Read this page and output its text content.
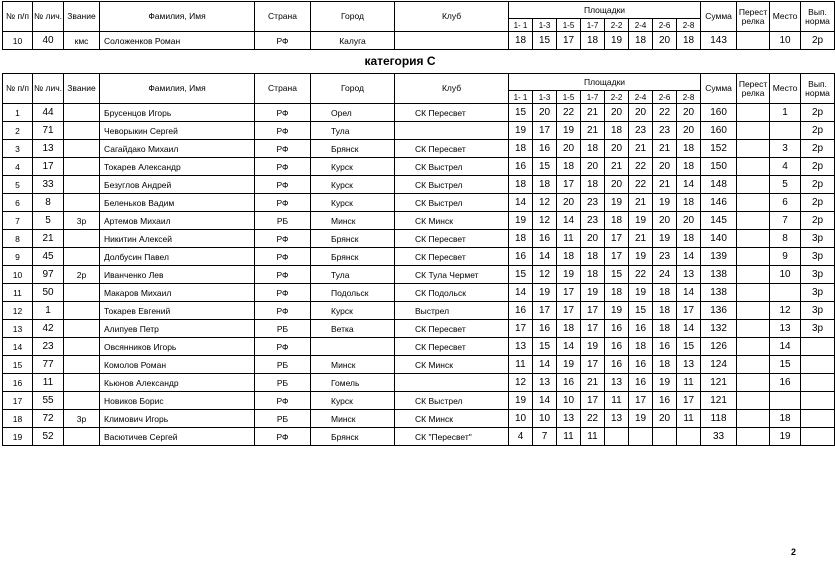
№ п/п	№ лич.	Звание	Фамилия, Имя	Страна	Город	Клуб	Площадки								Сумма	Перест релка	Место	Вып. норма
							1- 1	1-3	1-5	1-7	2-2	2-4	2-6	2-8				
10	40	кмс	Соложенков Роман	РФ	Калуга		18	15	17	18	19	18	20	18	143		10	2р
категория С
№ п/п	№ лич.	Звание	Фамилия, Имя	Страна	Город	Клуб	Площадки								Сумма	Перест релка	Место	Вып. норма
							1- 1	1-3	1-5	1-7	2-2	2-4	2-6	2-8				
1	44		Брусенцов Игорь	РФ	Орел	СК Пересвет	15	20	22	21	20	20	22	20	160		1	2р
2	71		Чеворыкин Сергей	РФ	Тула		19	17	19	21	18	23	23	20	160			2р
3	13		Сагайдако Михаил	РФ	Брянск	СК Пересвет	18	16	20	18	20	21	21	18	152		3	2р
4	17		Токарев Александр	РФ	Курск	СК Выстрел	16	15	18	20	21	22	20	18	150		4	2р
5	33		Безуглов Андрей	РФ	Курск	СК Выстрел	18	18	17	18	20	22	21	14	148		5	2р
6	8		Беленьков Вадим	РФ	Курск	СК Выстрел	14	12	20	23	19	21	19	18	146		6	2р
7	5	3р	Артемов Михаил	РБ	Минск	СК Минск	19	12	14	23	18	19	20	20	145		7	2р
8	21		Никитин Алексей	РФ	Брянск	СК Пересвет	18	16	11	20	17	21	19	18	140		8	3р
9	45		Долбусин Павел	РФ	Брянск	СК Пересвет	16	14	18	18	17	19	23	14	139		9	3р
10	97	2р	Иванченко Лев	РФ	Тула	СК Тула Чермет	15	12	19	18	15	22	24	13	138		10	3р
11	50		Макаров Михаил	РФ	Подольск	СК Подольск	14	19	17	19	18	19	18	14	138			3р
12	1		Токарев Евгений	РФ	Курск	Выстрел	16	17	17	17	19	15	18	17	136		12	3р
13	42		Алипуев Петр	РБ	Ветка	СК Пересвет	17	16	18	17	16	16	18	14	132		13	3р
14	23		Овсянников Игорь	РФ		СК Пересвет	13	15	14	19	16	18	16	15	126		14	
15	77		Комолов Роман	РБ	Минск	СК Минск	11	14	19	17	16	16	18	13	124		15	
16	11		Кьюнов Александр	РБ	Гомель		12	13	16	21	13	16	19	11	121		16	
17	55		Новиков Борис	РФ	Курск	СК Выстрел	19	14	10	17	11	17	16	17	121			
18	72	3р	Климович Игорь	РБ	Минск	СК Минск	10	10	13	22	13	19	20	11	118		18	
19	52		Васютичев Сергей	РФ	Брянск	СК "Пересвет"	4	7	11	11					33		19	
2
